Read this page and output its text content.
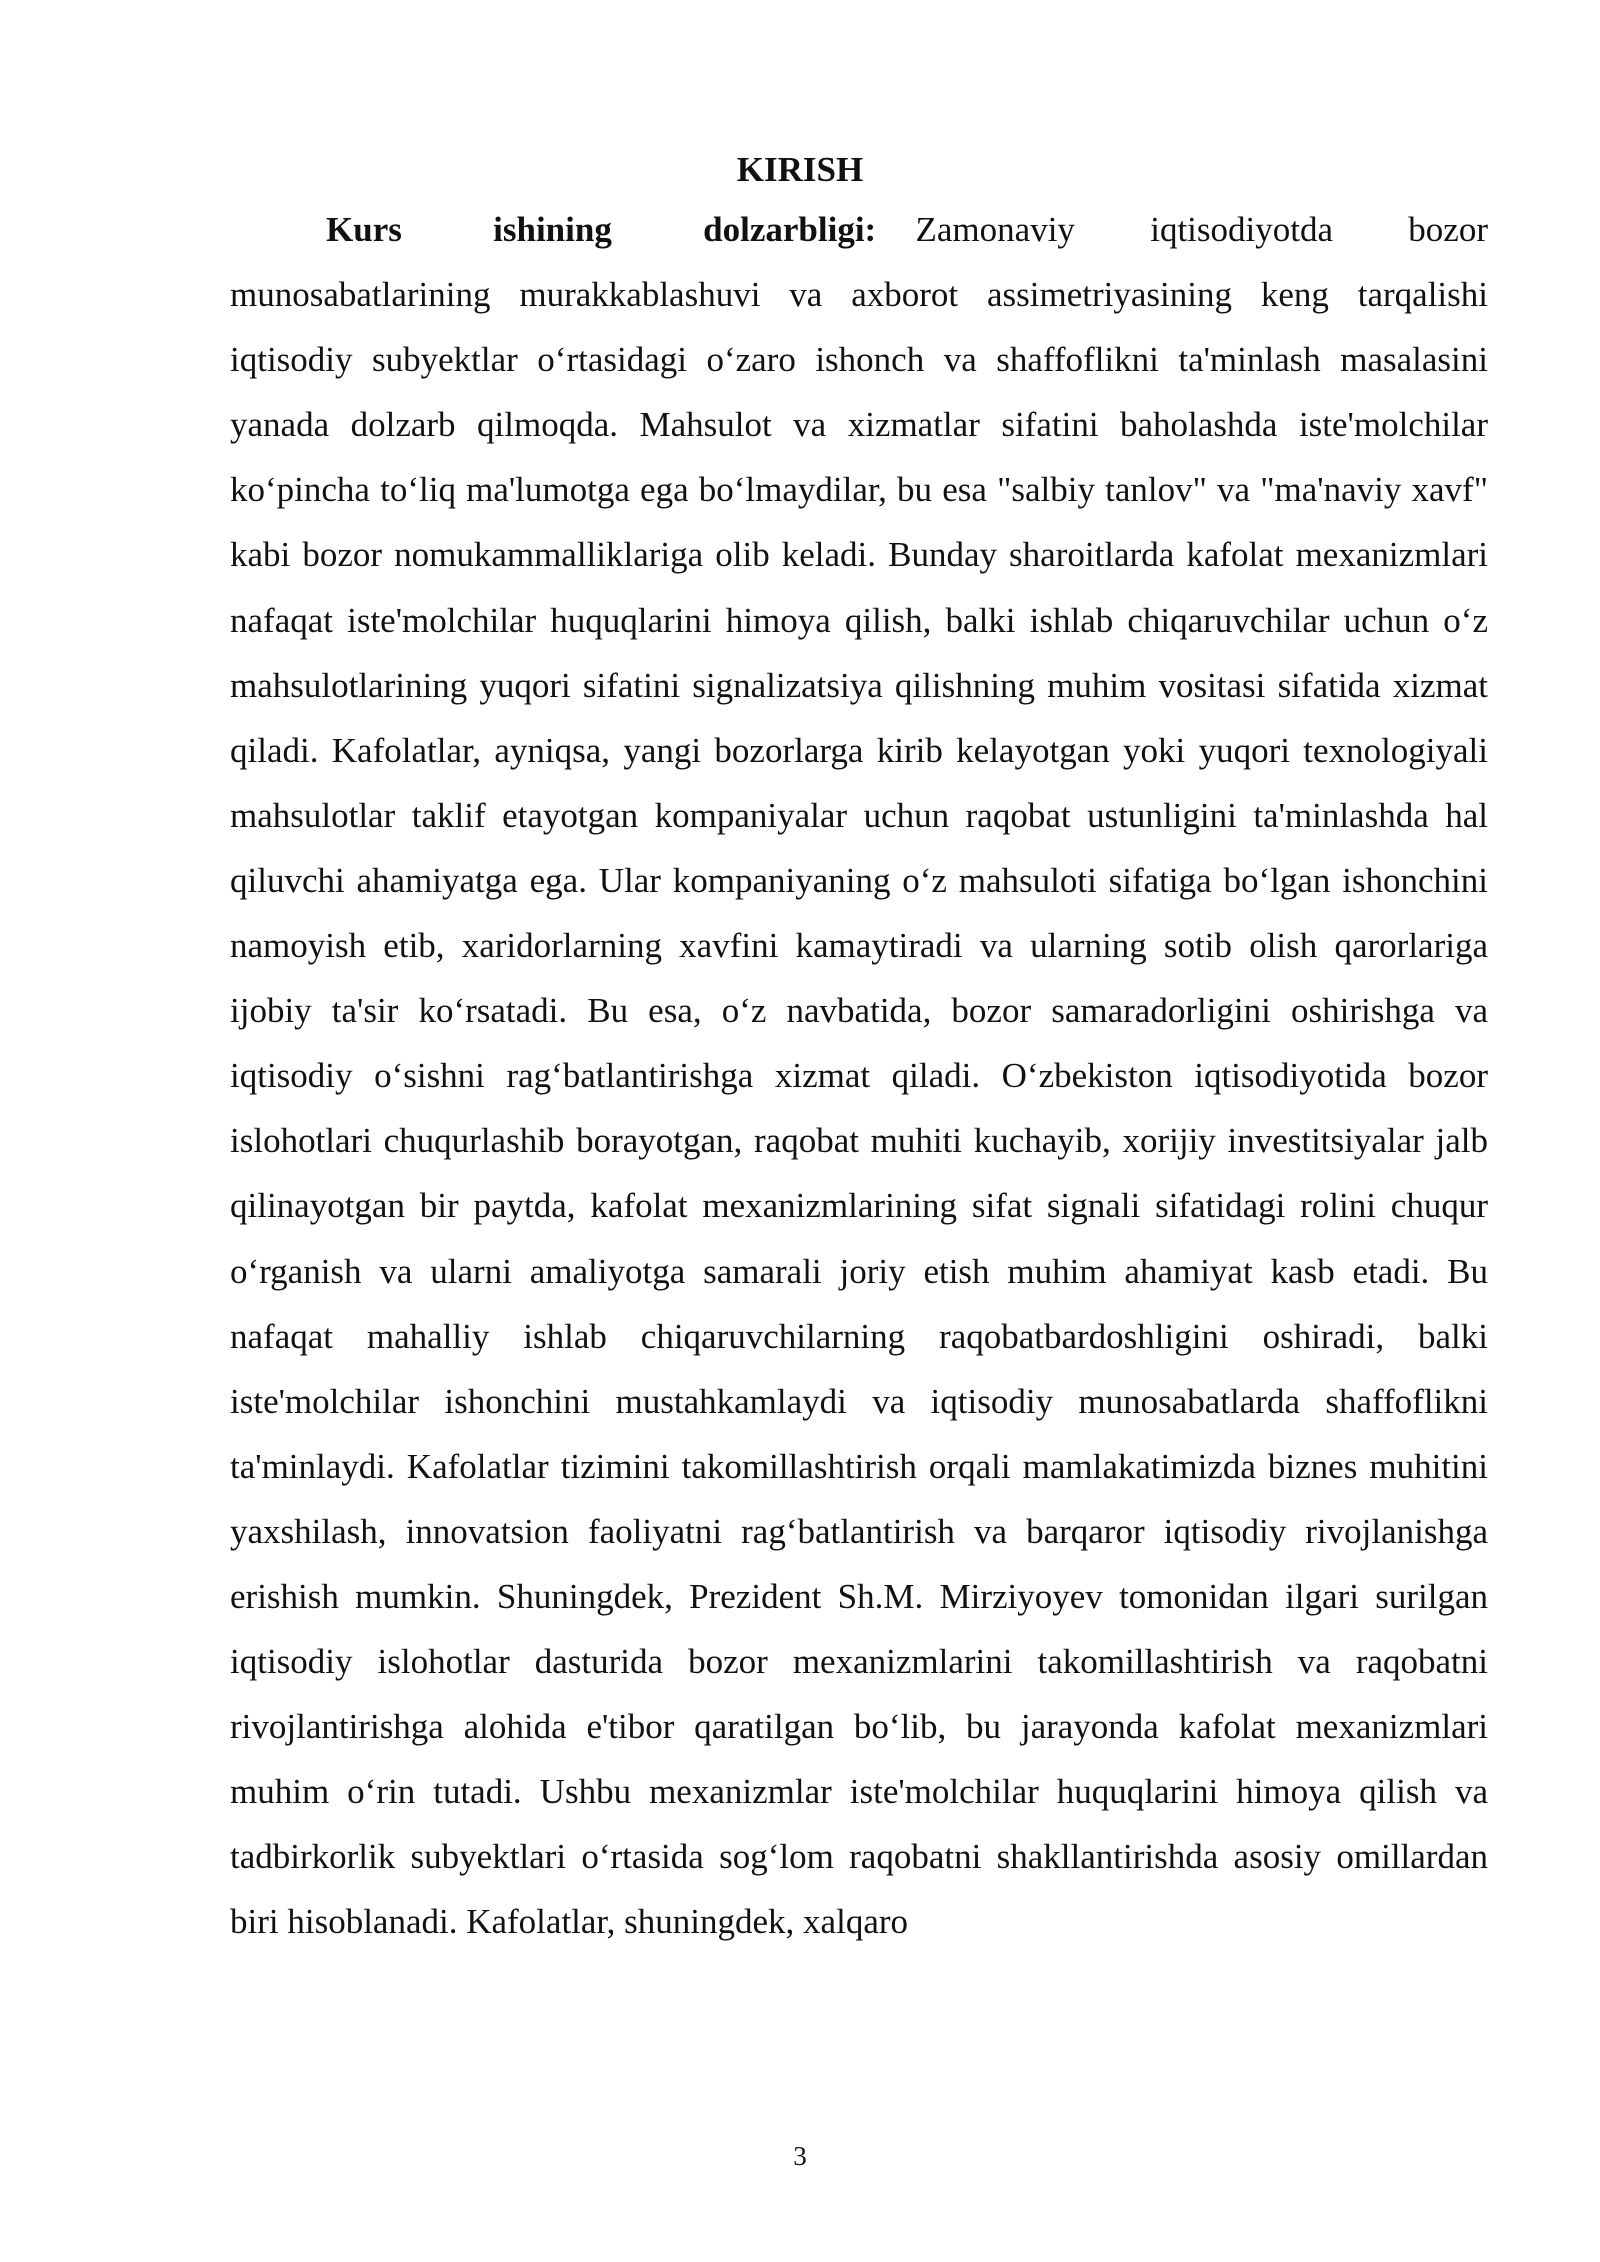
KIRISH

Kurs ishining dolzarbligi: Zamonaviy iqtisodiyotda bozor munosabatlarining murakkablashuvi va axborot assimetriyasining keng tarqalishi iqtisodiy subyektlar oʻrtasidagi oʻzaro ishonch va shaffoflikni ta'minlash masalasini yanada dolzarb qilmoqda. Mahsulot va xizmatlar sifatini baholashda iste'molchilar koʻpincha toʻliq ma'lumotga ega boʻlmaydilar, bu esa "salbiy tanlov" va "ma'naviy xavf" kabi bozor nomukammalliklariga olib keladi. Bunday sharoitlarda kafolat mexanizmlari nafaqat iste'molchilar huquqlarini himoya qilish, balki ishlab chiqaruvchilar uchun oʻz mahsulotlarining yuqori sifatini signalizatsiya qilishning muhim vositasi sifatida xizmat qiladi. Kafolatlar, ayniqsa, yangi bozorlarga kirib kelayotgan yoki yuqori texnologiyali mahsulotlar taklif etayotgan kompaniyalar uchun raqobat ustunligini ta'minlashda hal qiluvchi ahamiyatga ega. Ular kompaniyaning oʻz mahsuloti sifatiga boʻlgan ishonchini namoyish etib, xaridorlarning xavfini kamaytiradi va ularning sotib olish qarorlariga ijobiy ta'sir koʻrsatadi. Bu esa, oʻz navbatida, bozor samaradorligini oshirishga va iqtisodiy oʻsishni ragʻbatlantirishga xizmat qiladi. Oʻzbekiston iqtisodiyotida bozor islohotlari chuqurlashib borayotgan, raqobat muhiti kuchayib, xorijiy investitsiyalar jalb qilinayotgan bir paytda, kafolat mexanizmlarining sifat signali sifatidagi rolini chuqur oʻrganish va ularni amaliyotga samarali joriy etish muhim ahamiyat kasb etadi. Bu nafaqat mahalliy ishlab chiqaruvchilarning raqobatbardoshligini oshiradi, balki iste'molchilar ishonchini mustahkamlaydi va iqtisodiy munosabatlarda shaffoflikni ta'minlaydi. Kafolatlar tizimini takomillashtirish orqali mamlakatimizda biznes muhitini yaxshilash, innovatsion faoliyatni ragʻbatlantirish va barqaror iqtisodiy rivojlanishga erishish mumkin. Shuningdek, Prezident Sh.M. Mirziyoyev tomonidan ilgari surilgan iqtisodiy islohotlar dasturida bozor mexanizmlarini takomillashtirish va raqobatni rivojlantirishga alohida e'tibor qaratilgan boʻlib, bu jarayonda kafolat mexanizmlari muhim oʻrin tutadi. Ushbu mexanizmlar iste'molchilar huquqlarini himoya qilish va tadbirkorlik subyektlari oʻrtasida sogʻlom raqobatni shakllantirishda asosiy omillardan biri hisoblanadi. Kafolatlar, shuningdek, xalqaro

3
